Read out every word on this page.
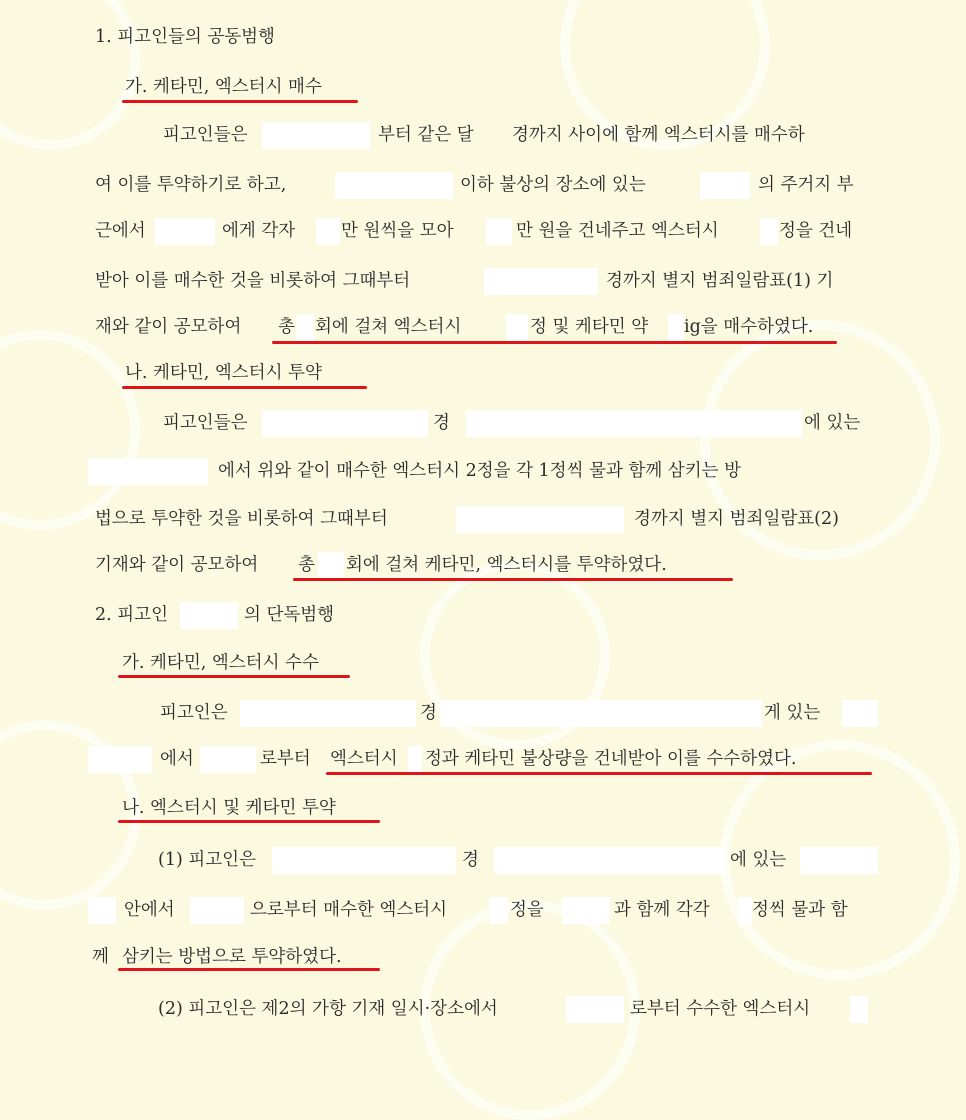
1. 피고인들의 공동범행
가. 케타민, 엑스터시 매수
피고인들은	부터 같은 달 경까지 사이에 함께 엑스터시를 매수하
여 이를 투약하기로 하고,	이하 불상의 장소에 있는	의 주거지 부
근에서	에게 각자	만 원씩을 모아	만 원을 건네주고 엑스터시	정을 건네
받아 이를 매수한 것을 비롯하여 그때부터	경까지 별지 범죄일람표(1) 기
재와 같이 공모하여 총 회에 걸쳐 엑스터시	정 및 케타민 약 ig을 매수하였다.
나. 케타민, 엑스터시 투약
피고인들은	경	에 있는
에서 위와 같이 매수한 엑스터시 2정을 각 1정씩 물과 함께 삼키는 방
법으로 투약한 것을 비롯하여 그때부터	경까지 별지 범죄일람표(2)
기재와 같이 공모하여 총 회에 걸쳐 케타민, 엑스터시를 투약하였다.
2. 피고인	의 단독범행
가. 케타민, 엑스터시 수수
피고인은	경	게 있는
에서	로부터 엑스터시 정과 케타민 불상량을 건네받아 이를 수수하였다.
나. 엑스터시 및 케타민 투약
(1) 피고인은	경	에 있는
안에서	으로부터 매수한 엑스터시	정을	과 함께 각각 정씩 물과 함
께 삼키는 방법으로 투약하였다.
(2) 피고인은 제2의 가항 기재 일시·장소에서	로부터 수수한 엑스터시
